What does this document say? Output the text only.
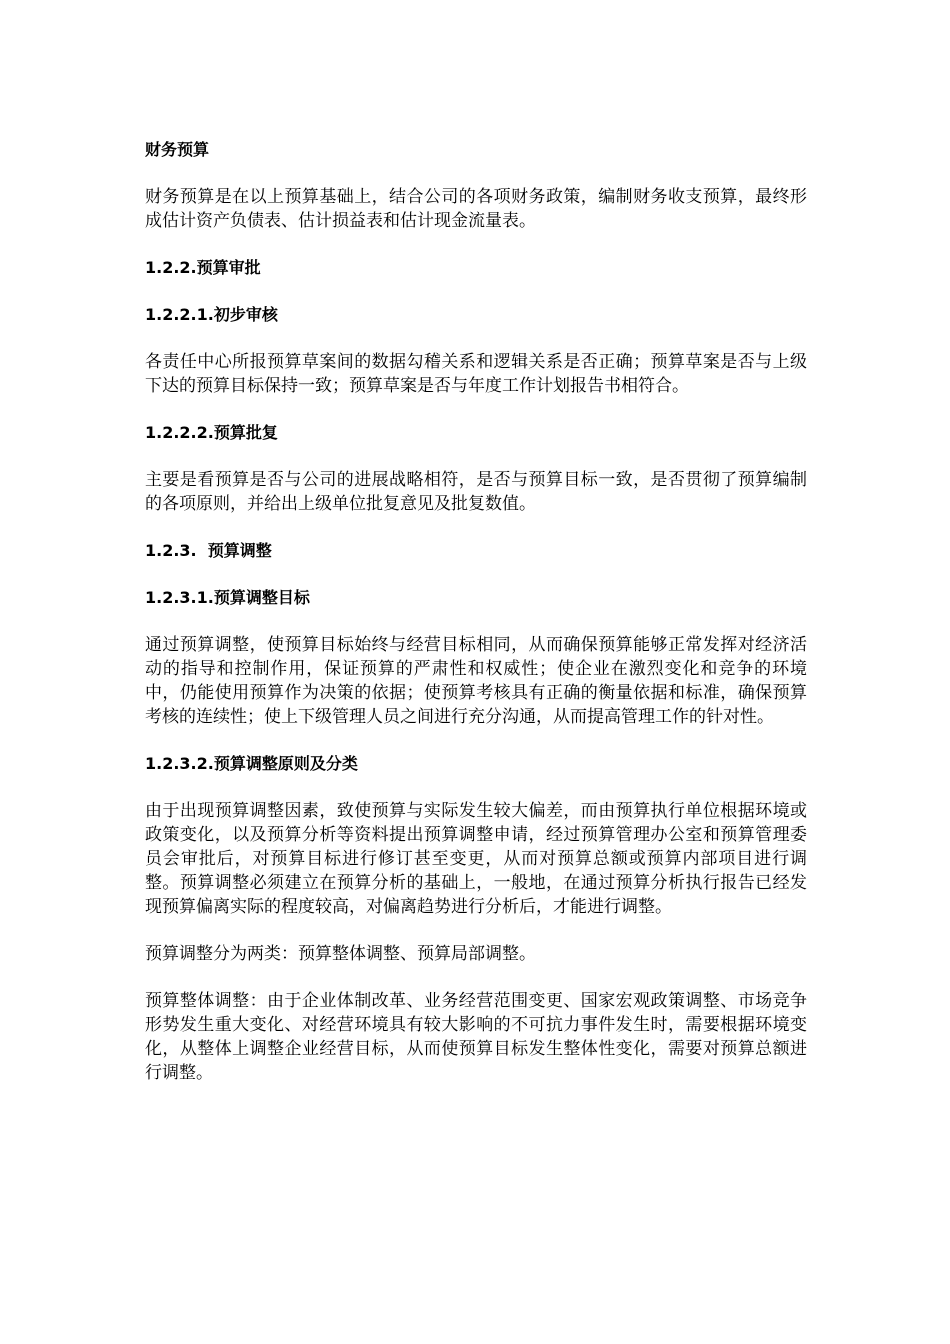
财务预算
财务预算是在以上预算基础上，结合公司的各项财务政策，编制财务收支预算，最终形成估计资产负债表、估计损益表和估计现金流量表。
1.2.2.预算审批
1.2.2.1.初步审核
各责任中心所报预算草案间的数据勾稽关系和逻辑关系是否正确；预算草案是否与上级下达的预算目标保持一致；预算草案是否与年度工作计划报告书相符合。
1.2.2.2.预算批复
主要是看预算是否与公司的进展战略相符，是否与预算目标一致，是否贯彻了预算编制的各项原则，并给出上级单位批复意见及批复数值。
1.2.3.  预算调整
1.2.3.1.预算调整目标
通过预算调整，使预算目标始终与经营目标相同，从而确保预算能够正常发挥对经济活动的指导和控制作用，保证预算的严肃性和权威性；使企业在激烈变化和竞争的环境中，仍能使用预算作为决策的依据；使预算考核具有正确的衡量依据和标准，确保预算考核的连续性；使上下级管理人员之间进行充分沟通，从而提高管理工作的针对性。
1.2.3.2.预算调整原则及分类
由于出现预算调整因素，致使预算与实际发生较大偏差，而由预算执行单位根据环境或政策变化，以及预算分析等资料提出预算调整申请，经过预算管理办公室和预算管理委员会审批后，对预算目标进行修订甚至变更，从而对预算总额或预算内部项目进行调整。预算调整必须建立在预算分析的基础上，一般地，在通过预算分析执行报告已经发现预算偏离实际的程度较高，对偏离趋势进行分析后，才能进行调整。
预算调整分为两类：预算整体调整、预算局部调整。
预算整体调整：由于企业体制改革、业务经营范围变更、国家宏观政策调整、市场竞争形势发生重大变化、对经营环境具有较大影响的不可抗力事件发生时，需要根据环境变化，从整体上调整企业经营目标，从而使预算目标发生整体性变化，需要对预算总额进行调整。
